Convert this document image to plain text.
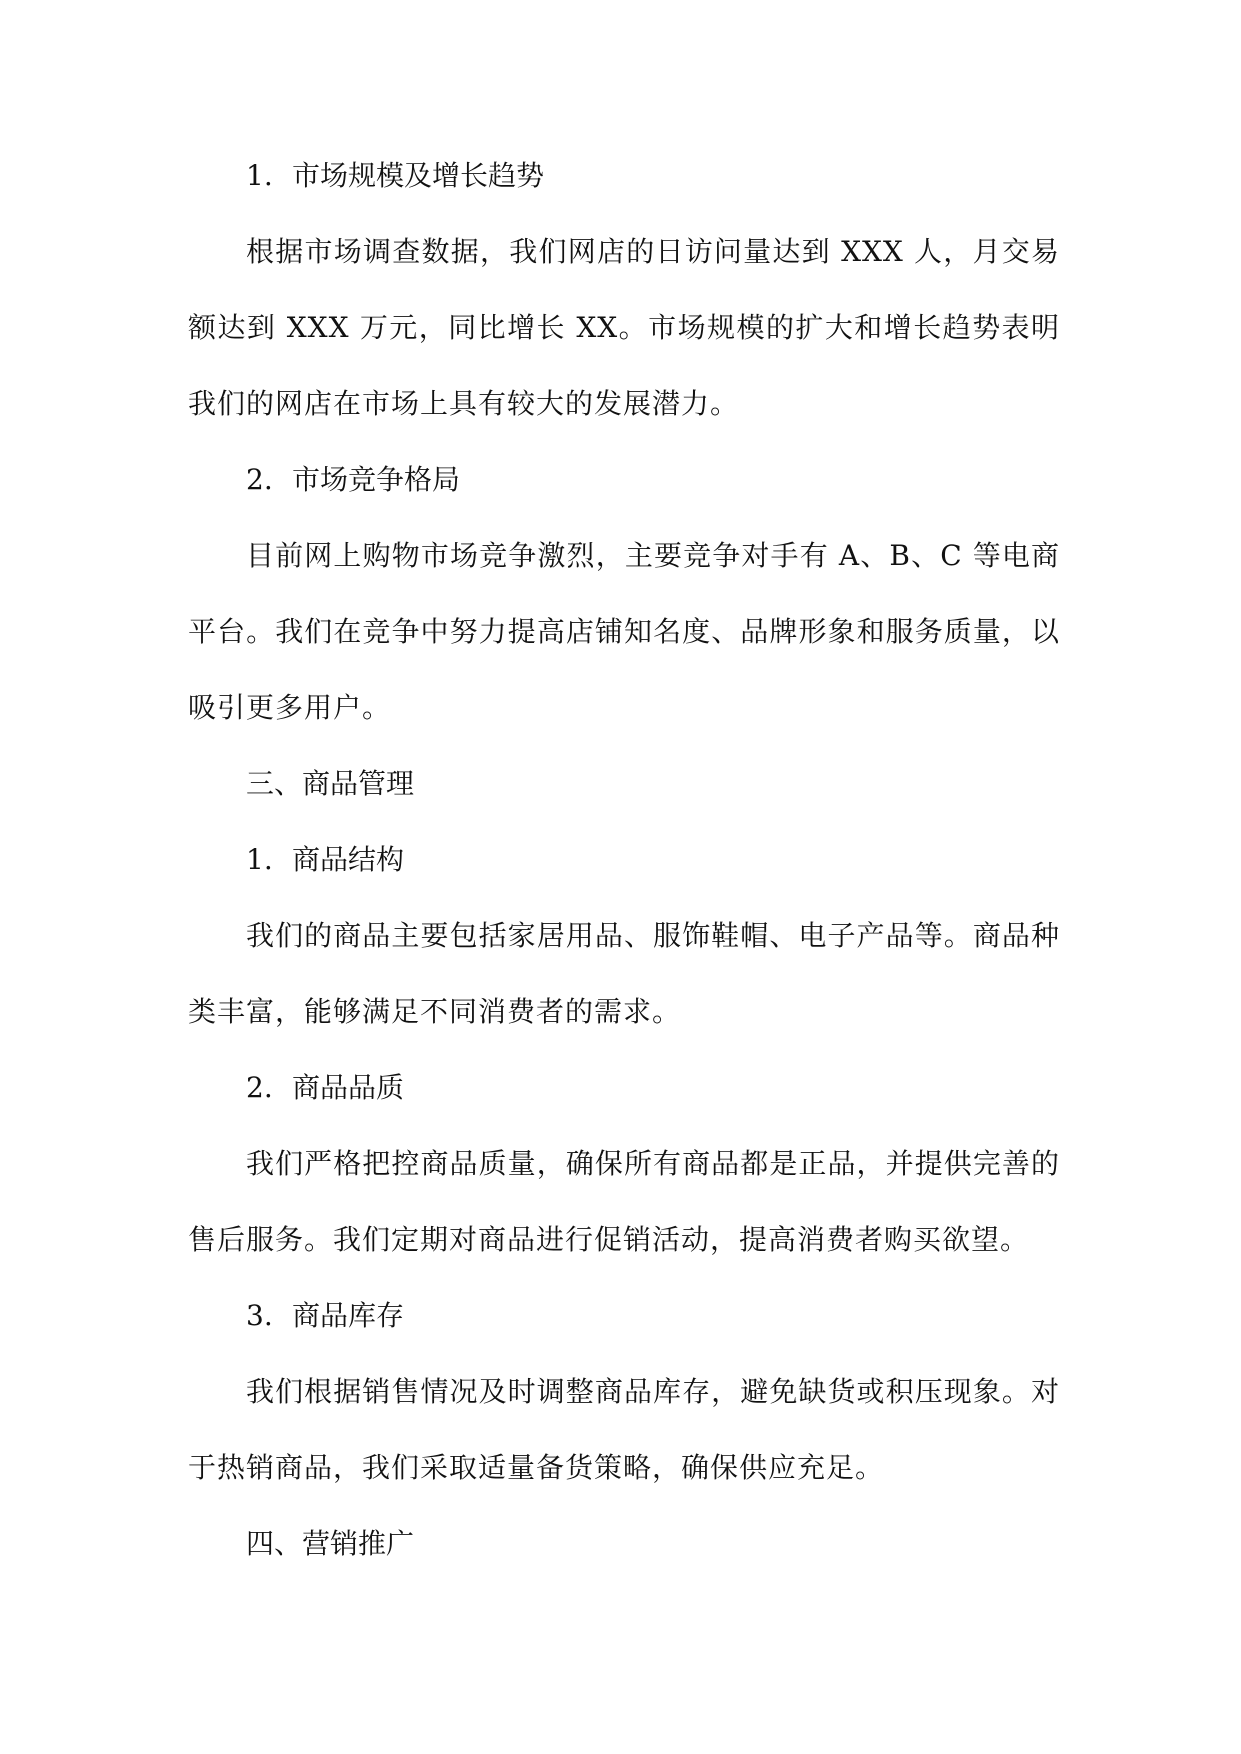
1. 市场规模及增长趋势

根据市场调查数据，我们网店的日访问量达到 XXX 人，月交易额达到 XXX 万元，同比增长 XX。市场规模的扩大和增长趋势表明我们的网店在市场上具有较大的发展潜力。

2. 市场竞争格局

目前网上购物市场竞争激烈，主要竞争对手有 A、B、C 等电商平台。我们在竞争中努力提高店铺知名度、品牌形象和服务质量，以吸引更多用户。

三、商品管理

1. 商品结构

我们的商品主要包括家居用品、服饰鞋帽、电子产品等。商品种类丰富，能够满足不同消费者的需求。

2. 商品品质

我们严格把控商品质量，确保所有商品都是正品，并提供完善的售后服务。我们定期对商品进行促销活动，提高消费者购买欲望。

3. 商品库存

我们根据销售情况及时调整商品库存，避免缺货或积压现象。对于热销商品，我们采取适量备货策略，确保供应充足。

四、营销推广
